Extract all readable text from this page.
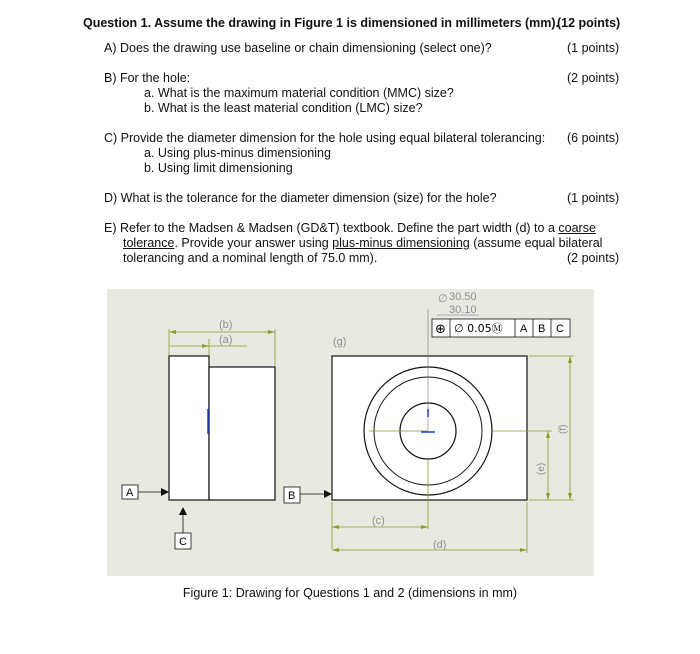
Question 1. Assume the drawing in Figure 1 is dimensioned in millimeters (mm).
(12 points)
A) Does the drawing use baseline or chain dimensioning (select one)?	(1 points)
B) For the hole:	(2 points)
a. What is the maximum material condition (MMC) size?
b. What is the least material condition (LMC) size?
C) Provide the diameter dimension for the hole using equal bilateral tolerancing: (6 points)
a. Using plus-minus dimensioning
b. Using limit dimensioning
D) What is the tolerance for the diameter dimension (size) for the hole?	(1 points)
E) Refer to the Madsen & Madsen (GD&T) textbook. Define the part width (d) to a coarse
tolerance. Provide your answer using plus-minus dimensioning (assume equal bilateral
tolerancing and a nominal length of 75.0 mm).	(2 points)
(b)
(a)
A	B
C
∅ 30.50
30.10
⊕ ∅ 0.05Ⓜ A B C
(g)
(c)
(d)
(e)
(f)
Figure 1: Drawing for Questions 1 and 2 (dimensions in mm)
